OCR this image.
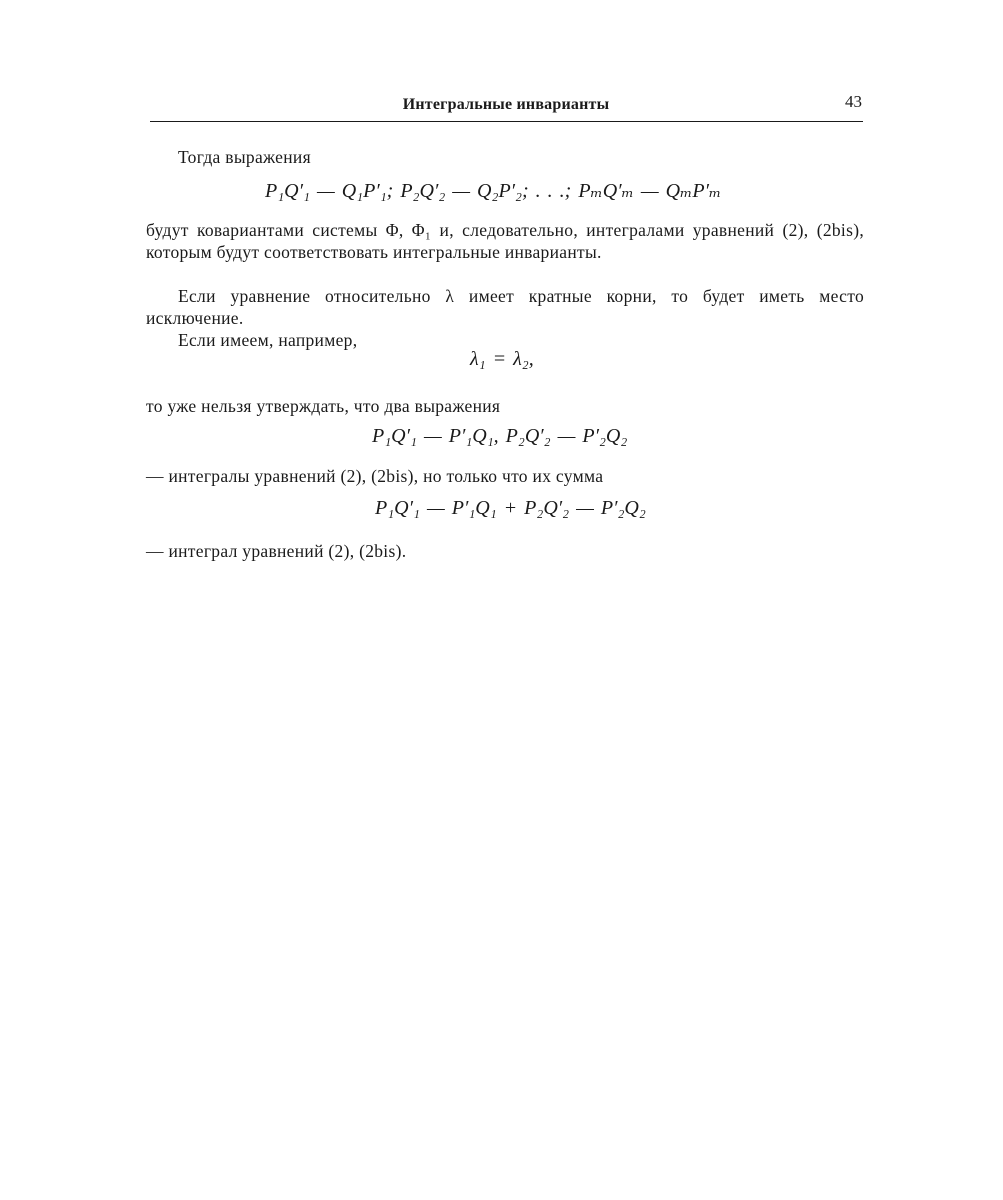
Интегральные инварианты	43
Тогда выражения
P₁Q′₁ — Q₁P′₁; P₂Q′₂ — Q₂P′₂; . . .; PₘQ′ₘ — QₘP′ₘ
будут ковариантами системы Φ, Φ₁ и, следовательно, интегралами уравнений (2), (2bis), которым будут соответствовать интегральные инварианты.
Если уравнение относительно λ имеет кратные корни, то будет иметь место исключение.
Если имеем, например,
λ₁ = λ₂,
то уже нельзя утверждать, что два выражения
P₁Q′₁ — P′₁Q₁, P₂Q′₂ — P′₂Q₂
— интегралы уравнений (2), (2bis), но только что их сумма
P₁Q′₁ — P′₁Q₁ + P₂Q′₂ — P′₂Q₂
— интеграл уравнений (2), (2bis).
